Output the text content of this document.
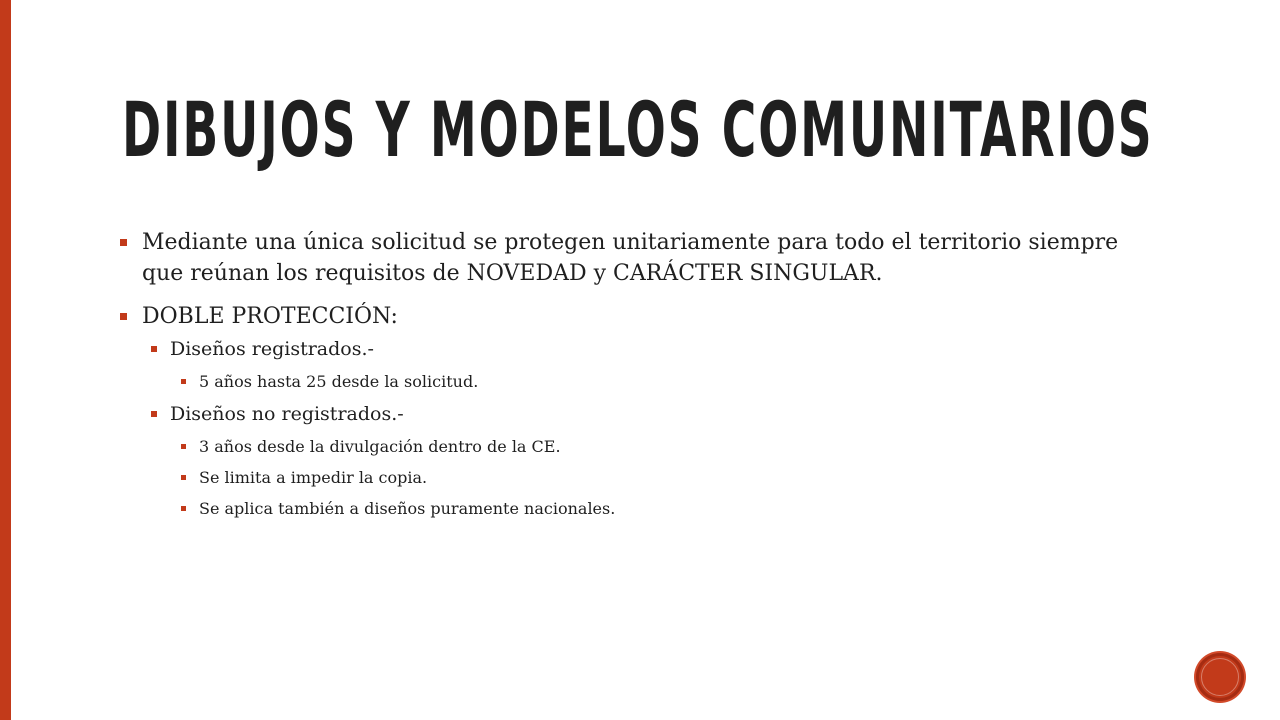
DIBUJOS Y MODELOS COMUNITARIOS
Mediante una única solicitud se protegen unitariamente para todo el territorio siempre que reúnan los requisitos de NOVEDAD y CARÁCTER SINGULAR.
DOBLE PROTECCIÓN:
Diseños registrados.-
5 años hasta 25 desde la solicitud.
Diseños no registrados.-
3 años desde la divulgación dentro de la CE.
Se limita a impedir la copia.
Se aplica también a diseños puramente nacionales.
